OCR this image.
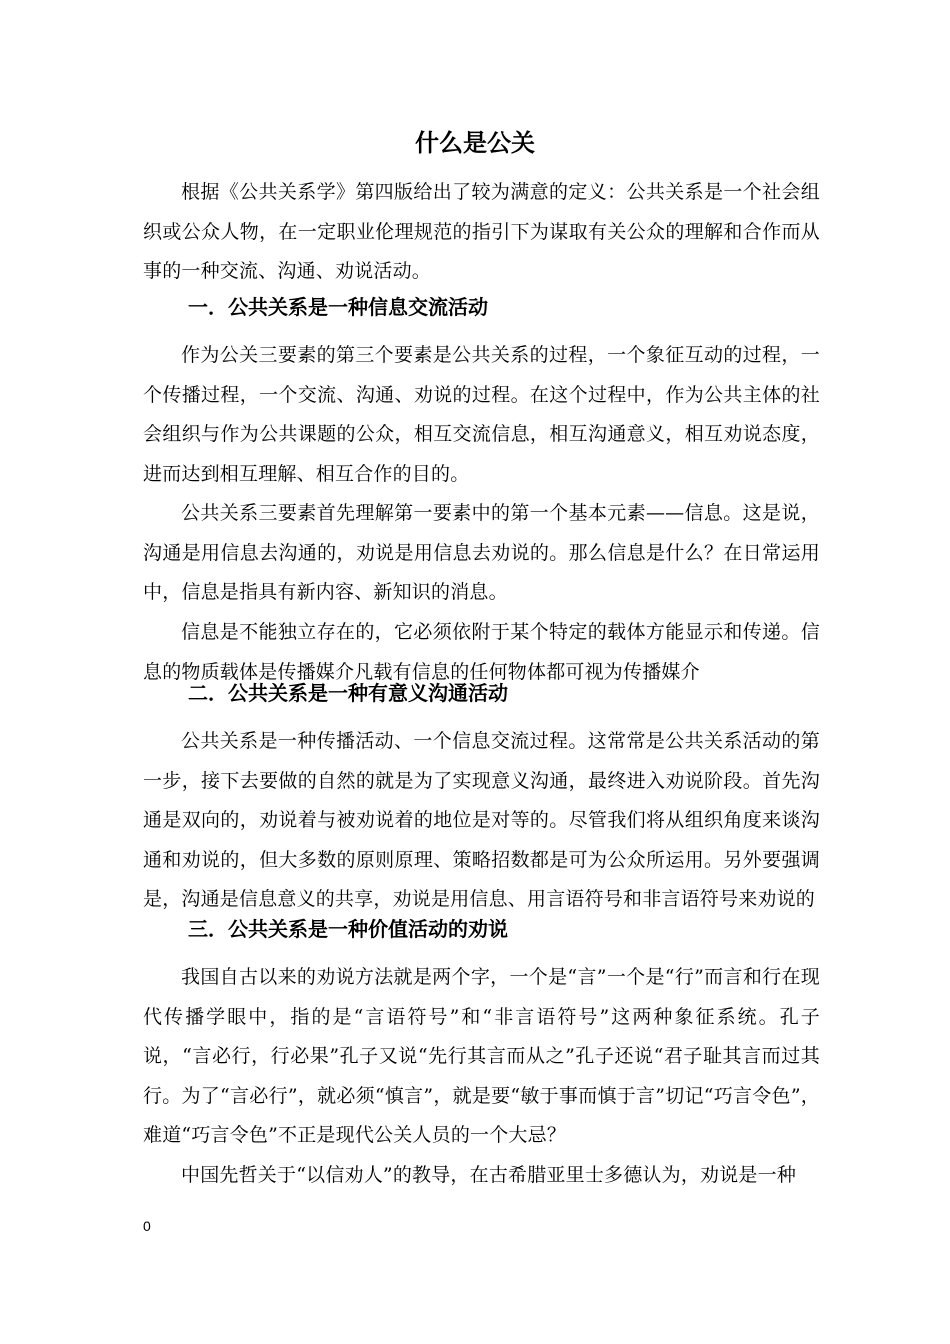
什么是公关

根据《公共关系学》第四版给出了较为满意的定义：公共关系是一个社会组织或公众人物，在一定职业伦理规范的指引下为谋取有关公众的理解和合作而从事的一种交流、沟通、劝说活动。

一．公共关系是一种信息交流活动

作为公关三要素的第三个要素是公共关系的过程，一个象征互动的过程，一个传播过程，一个交流、沟通、劝说的过程。在这个过程中，作为公共主体的社会组织与作为公共课题的公众，相互交流信息，相互沟通意义，相互劝说态度，进而达到相互理解、相互合作的目的。

公共关系三要素首先理解第一要素中的第一个基本元素——信息。这是说，沟通是用信息去沟通的，劝说是用信息去劝说的。那么信息是什么？在日常运用中，信息是指具有新内容、新知识的消息。

信息是不能独立存在的，它必须依附于某个特定的载体方能显示和传递。信息的物质载体是传播媒介凡载有信息的任何物体都可视为传播媒介

二．公共关系是一种有意义沟通活动

公共关系是一种传播活动、一个信息交流过程。这常常是公共关系活动的第一步，接下去要做的自然的就是为了实现意义沟通，最终进入劝说阶段。首先沟通是双向的，劝说着与被劝说着的地位是对等的。尽管我们将从组织角度来谈沟通和劝说的，但大多数的原则原理、策略招数都是可为公众所运用。另外要强调是，沟通是信息意义的共享，劝说是用信息、用言语符号和非言语符号来劝说的

三．公共关系是一种价值活动的劝说

我国自古以来的劝说方法就是两个字，一个是“言”一个是“行”而言和行在现代传播学眼中，指的是“言语符号”和“非言语符号”这两种象征系统。孔子说，“言必行，行必果”孔子又说“先行其言而从之”孔子还说“君子耻其言而过其行。为了“言必行”，就必须“慎言”，就是要“敏于事而慎于言”切记“巧言令色”，难道“巧言令色”不正是现代公关人员的一个大忌？

中国先哲关于“以信劝人”的教导，在古希腊亚里士多德认为，劝说是一种

0
